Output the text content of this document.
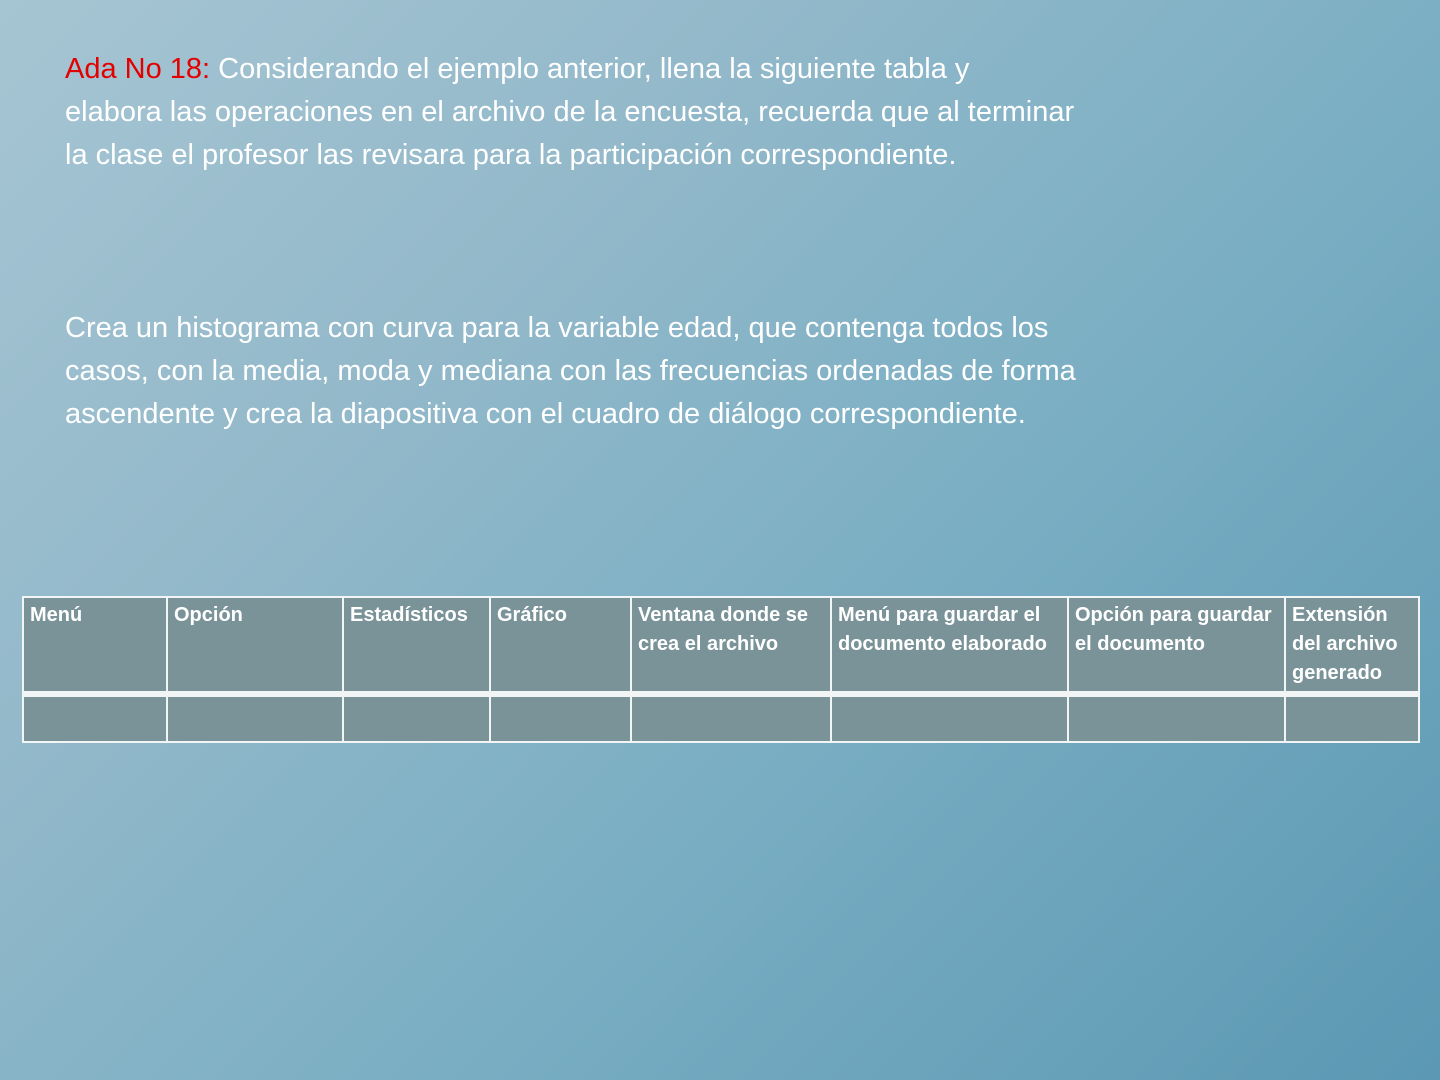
Ada No 18: Considerando el ejemplo anterior, llena la siguiente tabla y
elabora las operaciones en el archivo de la encuesta, recuerda que al terminar
la clase el profesor las revisara para la participación correspondiente.
Crea un histograma con curva para la variable edad, que contenga todos los
casos, con la media, moda y mediana con las frecuencias ordenadas de forma
ascendente y crea la diapositiva con el cuadro de diálogo correspondiente.
Menú	Opción	Estadísticos	Gráfico	Ventana donde se crea el archivo	Menú para guardar el documento elaborado	Opción para guardar el documento	Extensión del archivo generado
